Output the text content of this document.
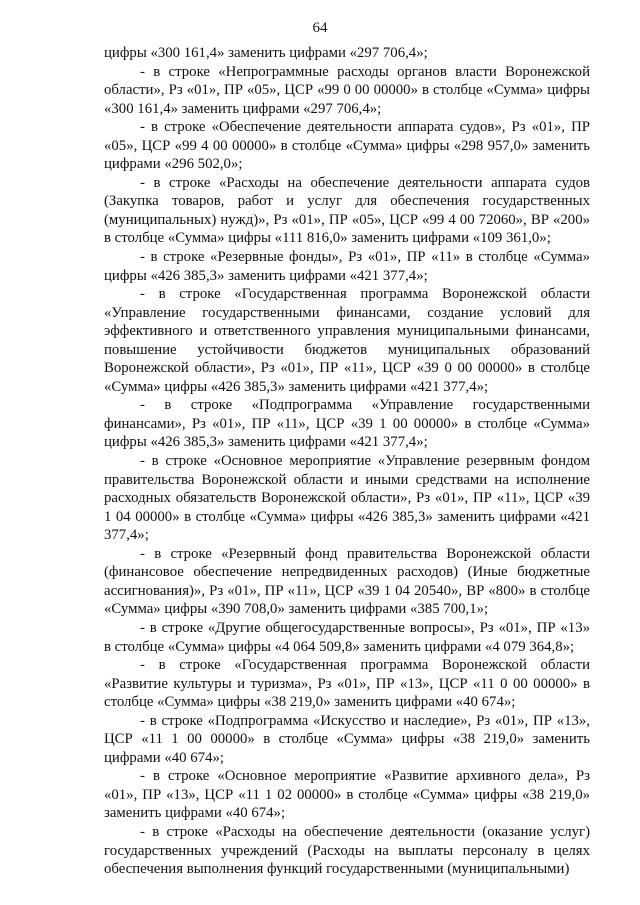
64

цифры «300 161,4» заменить цифрами «297 706,4»;

- в строке «Непрограммные расходы органов власти Воронежской области», Рз «01», ПР «05», ЦСР «99 0 00 00000» в столбце «Сумма» цифры «300 161,4» заменить цифрами «297 706,4»;

- в строке «Обеспечение деятельности аппарата судов», Рз «01», ПР «05», ЦСР «99 4 00 00000» в столбце «Сумма» цифры «298 957,0» заменить цифрами «296 502,0»;

- в строке «Расходы на обеспечение деятельности аппарата судов (Закупка товаров, работ и услуг для обеспечения государственных (муниципальных) нужд)», Рз «01», ПР «05», ЦСР «99 4 00 72060», ВР «200» в столбце «Сумма» цифры «111 816,0» заменить цифрами «109 361,0»;

- в строке «Резервные фонды», Рз «01», ПР «11» в столбце «Сумма» цифры «426 385,3» заменить цифрами «421 377,4»;

- в строке «Государственная программа Воронежской области «Управление государственными финансами, создание условий для эффективного и ответственного управления муниципальными финансами, повышение устойчивости бюджетов муниципальных образований Воронежской области», Рз «01», ПР «11», ЦСР «39 0 00 00000» в столбце «Сумма» цифры «426 385,3» заменить цифрами «421 377,4»;

- в строке «Подпрограмма «Управление государственными финансами», Рз «01», ПР «11», ЦСР «39 1 00 00000» в столбце «Сумма» цифры «426 385,3» заменить цифрами «421 377,4»;

- в строке «Основное мероприятие «Управление резервным фондом правительства Воронежской области и иными средствами на исполнение расходных обязательств Воронежской области», Рз «01», ПР «11», ЦСР «39 1 04 00000» в столбце «Сумма» цифры «426 385,3» заменить цифрами «421 377,4»;

- в строке «Резервный фонд правительства Воронежской области (финансовое обеспечение непредвиденных расходов) (Иные бюджетные ассигнования)», Рз «01», ПР «11», ЦСР «39 1 04 20540», ВР «800» в столбце «Сумма» цифры «390 708,0» заменить цифрами «385 700,1»;

- в строке «Другие общегосударственные вопросы», Рз «01», ПР «13» в столбце «Сумма» цифры «4 064 509,8» заменить цифрами «4 079 364,8»;

- в строке «Государственная программа Воронежской области «Развитие культуры и туризма», Рз «01», ПР «13», ЦСР «11 0 00 00000» в столбце «Сумма» цифры «38 219,0» заменить цифрами «40 674»;

- в строке «Подпрограмма «Искусство и наследие», Рз «01», ПР «13», ЦСР «11 1 00 00000» в столбце «Сумма» цифры «38 219,0» заменить цифрами «40 674»;

- в строке «Основное мероприятие «Развитие архивного дела», Рз «01», ПР «13», ЦСР «11 1 02 00000» в столбце «Сумма» цифры «38 219,0» заменить цифрами «40 674»;

- в строке «Расходы на обеспечение деятельности (оказание услуг) государственных учреждений (Расходы на выплаты персоналу в целях обеспечения выполнения функций государственными (муниципальными)
